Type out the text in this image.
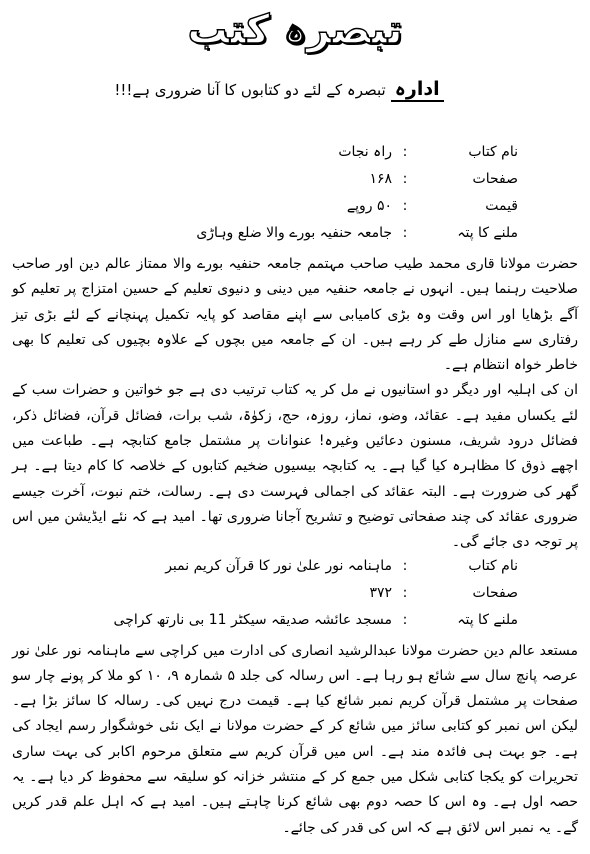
تبصرہ کتب
ادارہ تبصرہ کے لئے دو کتابوں کا آنا ضروری ہے!!!
نام کتاب
:
راہ نجات
صفحات
:
۱۶۸
قیمت
:
۵۰ روپے
ملنے کا پتہ
:
جامعہ حنفیہ بورے والا ضلع وہاڑی

حضرت مولانا قاری محمد طیب صاحب مہتمم جامعہ حنفیہ بورے والا ممتاز عالم دین اور صاحب صلاحیت رہنما ہیں۔ انہوں نے جامعہ حنفیہ میں دینی و دنیوی تعلیم کے حسین امتزاج پر تعلیم کو آگے بڑھایا اور اس وقت وہ بڑی کامیابی سے اپنے مقاصد کو پایہ تکمیل پہنچانے کے لئے بڑی تیز رفتاری سے منازل طے کر رہے ہیں۔ ان کے جامعہ میں بچوں کے علاوہ بچیوں کی تعلیم کا بھی خاطر خواہ انتظام ہے۔

ان کی اہلیہ اور دیگر دو استانیوں نے مل کر یہ کتاب ترتیب دی ہے جو خواتین و حضرات سب کے لئے یکساں مفید ہے۔ عقائد، وضو، نماز، روزہ، حج، زکوٰۃ، شب برات، فضائل قرآن، فضائل ذکر، فضائل درود شریف، مسنون دعائیں وغیرہ! عنوانات پر مشتمل جامع کتابچہ ہے۔ طباعت میں اچھے ذوق کا مظاہرہ کیا گیا ہے۔ یہ کتابچہ بیسیوں ضخیم کتابوں کے خلاصہ کا کام دیتا ہے۔ ہر گھر کی ضرورت ہے۔ البتہ عقائد کی اجمالی فہرست دی ہے۔ رسالت، ختم نبوت، آخرت جیسے ضروری عقائد کی چند صفحاتی توضیح و تشریح آجانا ضروری تھا۔ امید ہے کہ نئے ایڈیشن میں اس پر توجہ دی جائے گی۔

نام کتاب
:
ماہنامہ نور علیٰ نور کا قرآن کریم نمبر
صفحات
:
۳۷۲
ملنے کا پتہ
:
مسجد عائشہ صدیقہ سیکٹر 11 بی نارتھ کراچی

مستعد عالم دین حضرت مولانا عبدالرشید انصاری کی ادارت میں کراچی سے ماہنامہ نور علیٰ نور عرصہ پانچ سال سے شائع ہو رہا ہے۔ اس رسالہ کی جلد ۵ شمارہ ۹، ۱۰ کو ملا کر پونے چار سو صفحات پر مشتمل قرآن کریم نمبر شائع کیا ہے۔ قیمت درج نہیں کی۔ رسالہ کا سائز بڑا ہے۔ لیکن اس نمبر کو کتابی سائز میں شائع کر کے حضرت مولانا نے ایک نئی خوشگوار رسم ایجاد کی ہے۔ جو بہت ہی فائدہ مند ہے۔ اس میں قرآن کریم سے متعلق مرحوم اکابر کی بہت ساری تحریرات کو یکجا کتابی شکل میں جمع کر کے منتشر خزانہ کو سلیقہ سے محفوظ کر دیا ہے۔ یہ حصہ اول ہے۔ وہ اس کا حصہ دوم بھی شائع کرنا چاہتے ہیں۔ امید ہے کہ اہل علم قدر کریں گے۔ یہ نمبر اس لائق ہے کہ اس کی قدر کی جائے۔
